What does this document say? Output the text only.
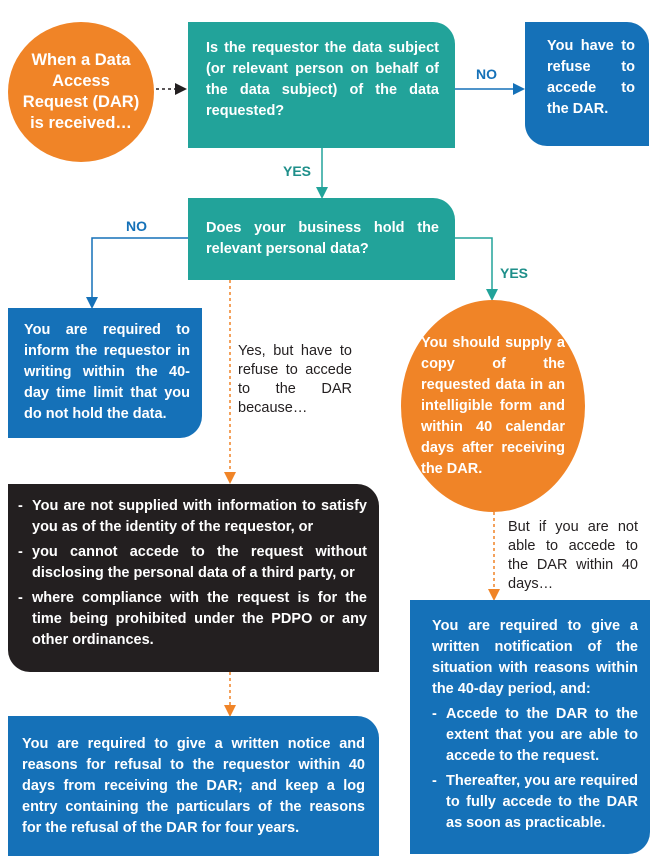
When a Data Access Request (DAR) is received…
Is the requestor the data subject (or relevant person on behalf of the data subject) of the data requested?
NO
You have to refuse to accede to the DAR.
YES
Does your business hold the relevant personal data?
NO
YES
You are required to inform the requestor in writing within the 40-day time limit that you do not hold the data.
Yes, but have to refuse to accede to the DAR because…
You should supply a copy of the requested data in an intelligible form and within 40 calendar days after receiving the DAR.
- You are not supplied with information to satisfy you as of the identity of the requestor, or
- you cannot accede to the request without disclosing the personal data of a third party, or
- where compliance with the request is for the time being prohibited under the PDPO or any other ordinances.
But if you are not able to accede to the DAR within 40 days…
You are required to give a written notice and reasons for refusal to the requestor within 40 days from receiving the DAR; and keep a log entry containing the particulars of the reasons for the refusal of the DAR for four years.
You are required to give a written notification of the situation with reasons within the 40-day period, and:
- Accede to the DAR to the extent that you are able to accede to the request.
- Thereafter, you are required to fully accede to the DAR as soon as practicable.
